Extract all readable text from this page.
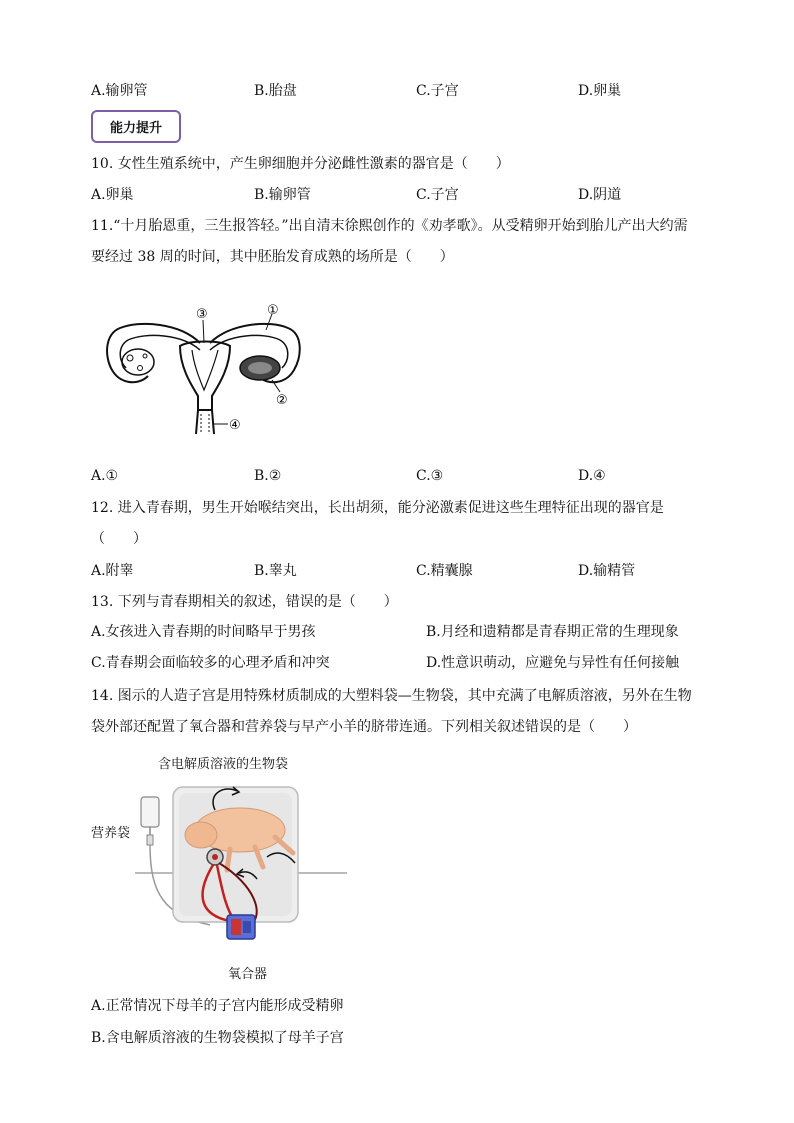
A.输卵管	B.胎盘	C.子宫	D.卵巢
能力提升
10. 女性生殖系统中，产生卵细胞并分泌雌性激素的器官是（　　）
A.卵巢	B.输卵管	C.子宫	D.阴道
11.“十月胎恩重，三生报答轻。”出自清末徐熙创作的《劝孝歌》。从受精卵开始到胎儿产出大约需
要经过 38 周的时间，其中胚胎发育成熟的场所是（　　）
③	①
②
④
A.①	B.②	C.③	D.④
12. 进入青春期，男生开始喉结突出，长出胡须，能分泌激素促进这些生理特征出现的器官是
（　　）
A.附睾	B.睾丸	C.精囊腺	D.输精管
13. 下列与青春期相关的叙述，错误的是（　　）
A.女孩进入青春期的时间略早于男孩	B.月经和遗精都是青春期正常的生理现象
C.青春期会面临较多的心理矛盾和冲突	D.性意识萌动，应避免与异性有任何接触
14. 图示的人造子宫是用特殊材质制成的大塑料袋—生物袋，其中充满了电解质溶液，另外在生物
袋外部还配置了氧合器和营养袋与早产小羊的脐带连通。下列相关叙述错误的是（　　）
含电解质溶液的生物袋
营养袋
氧合器
A.正常情况下母羊的子宫内能形成受精卵
B.含电解质溶液的生物袋模拟了母羊子宫
